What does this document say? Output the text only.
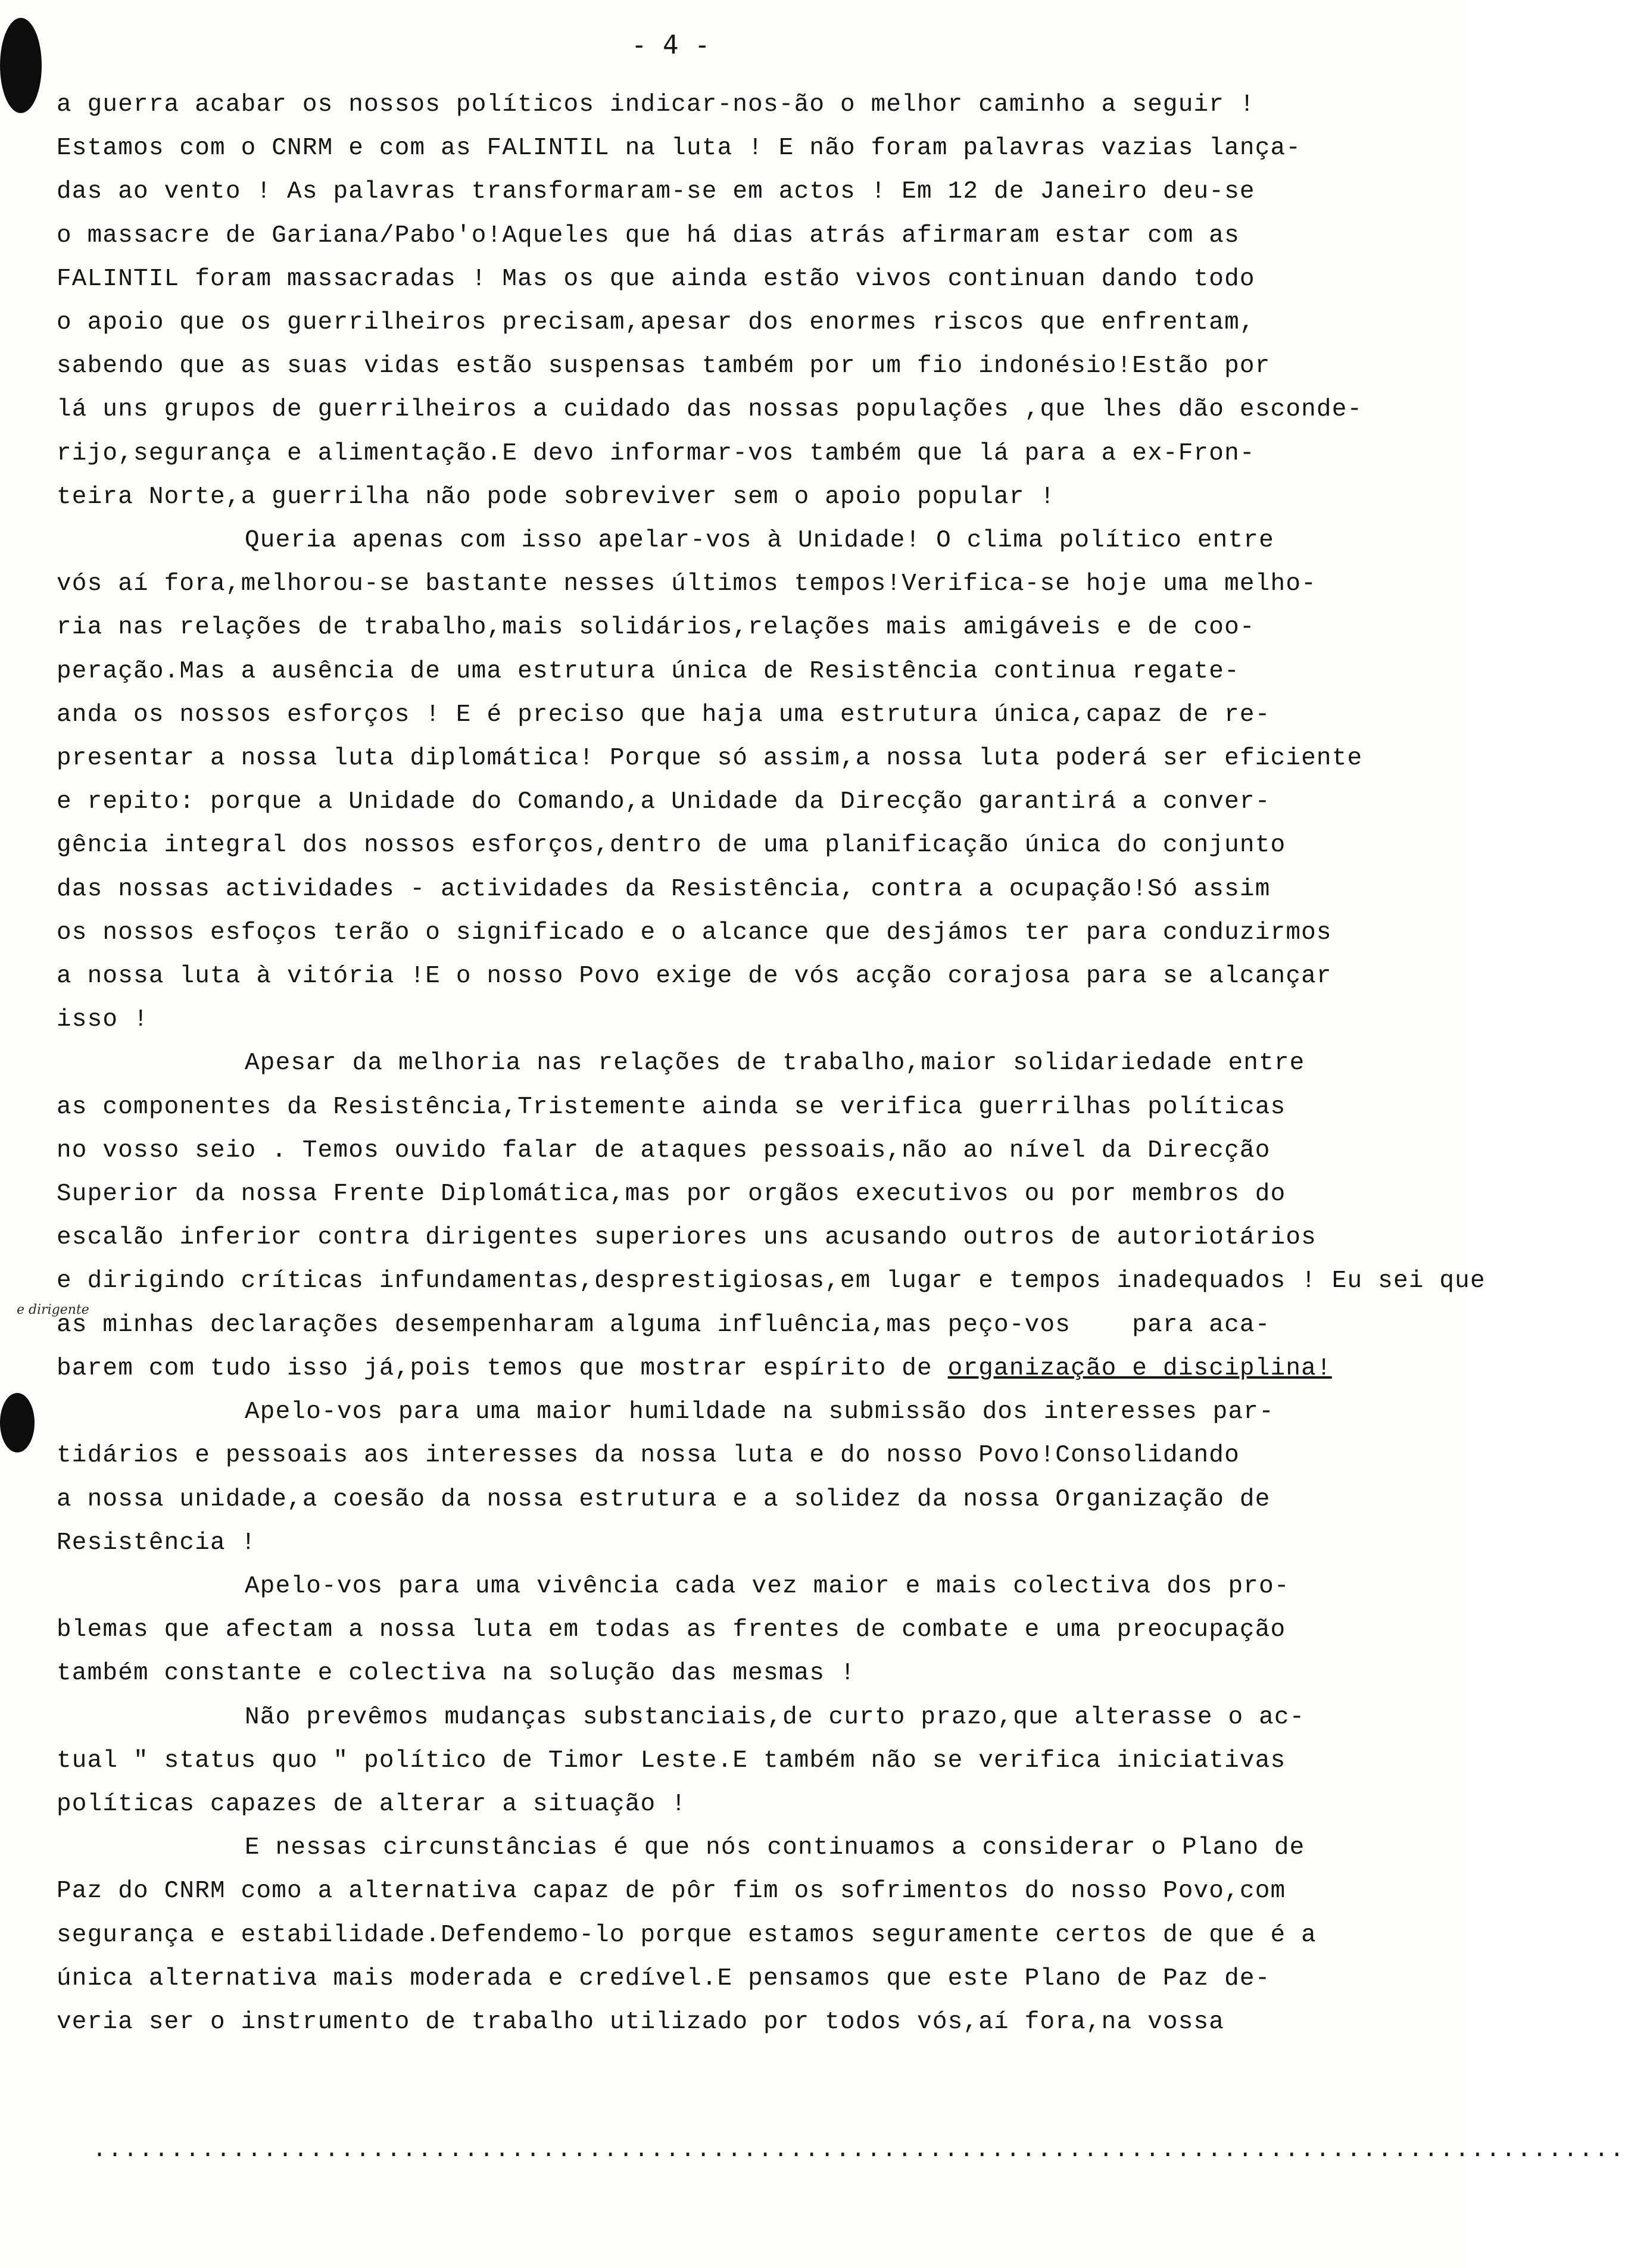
- 4 -
e dirigente
a guerra acabar os nossos políticos indicar-nos-ão o melhor caminho a seguir !
Estamos com o CNRM e com as FALINTIL na luta ! E não foram palavras vazias lança-
das ao vento ! As palavras transformaram-se em actos ! Em 12 de Janeiro deu-se
o massacre de Gariana/Pabo'o!Aqueles que há dias atrás afirmaram estar com as
FALINTIL foram massacradas ! Mas os que ainda estão vivos continuan dando todo
o apoio que os guerrilheiros precisam,apesar dos enormes riscos que enfrentam,
sabendo que as suas vidas estão suspensas também por um fio indonésio!Estão por
lá uns grupos de guerrilheiros a cuidado das nossas populações ,que lhes dão esconde-
rijo,segurança e alimentação.E devo informar-vos também que lá para a ex-Fron-
teira Norte,a guerrilha não pode sobreviver sem o apoio popular !
Queria apenas com isso apelar-vos à Unidade! O clima político entre
vós aí fora,melhorou-se bastante nesses últimos tempos!Verifica-se hoje uma melho-
ria nas relações de trabalho,mais solidários,relações mais amigáveis e de coo-
peração.Mas a ausência de uma estrutura única de Resistência continua regate-
anda os nossos esforços ! E é preciso que haja uma estrutura única,capaz de re-
presentar a nossa luta diplomática! Porque só assim,a nossa luta poderá ser eficiente
e repito: porque a Unidade do Comando,a Unidade da Direcção garantirá a conver-
gência integral dos nossos esforços,dentro de uma planificação única do conjunto
das nossas actividades - actividades da Resistência, contra a ocupação!Só assim
os nossos esfoços terão o significado e o alcance que desjámos ter para conduzirmos
a nossa luta à vitória !E o nosso Povo exige de vós acção corajosa para se alcançar
isso !
Apesar da melhoria nas relações de trabalho,maior solidariedade entre
as componentes da Resistência,Tristemente ainda se verifica guerrilhas políticas
no vosso seio . Temos ouvido falar de ataques pessoais,não ao nível da Direcção
Superior da nossa Frente Diplomática,mas por orgãos executivos ou por membros do
escalão inferior contra dirigentes superiores uns acusando outros de autoriotários
e dirigindo críticas infundamentas,desprestigiosas,em lugar e tempos inadequados ! Eu sei que
as minhas declarações desempenharam alguma influência,mas peço-vos    para aca-
barem com tudo isso já,pois temos que mostrar espírito de organização e disciplina!
Apelo-vos para uma maior humildade na submissão dos interesses par-
tidários e pessoais aos interesses da nossa luta e do nosso Povo!Consolidando
a nossa unidade,a coesão da nossa estrutura e a solidez da nossa Organização de
Resistência !
Apelo-vos para uma vivência cada vez maior e mais colectiva dos pro-
blemas que afectam a nossa luta em todas as frentes de combate e uma preocupação
também constante e colectiva na solução das mesmas !
Não prevêmos mudanças substanciais,de curto prazo,que alterasse o ac-
tual " status quo " político de Timor Leste.E também não se verifica iniciativas
políticas capazes de alterar a situação !
E nessas circunstâncias é que nós continuamos a considerar o Plano de
Paz do CNRM como a alternativa capaz de pôr fim os sofrimentos do nosso Povo,com
segurança e estabilidade.Defendemo-lo porque estamos seguramente certos de que é a
única alternativa mais moderada e credível.E pensamos que este Plano de Paz de-
veria ser o instrumento de trabalho utilizado por todos vós,aí fora,na vossa
...................................................................................................
